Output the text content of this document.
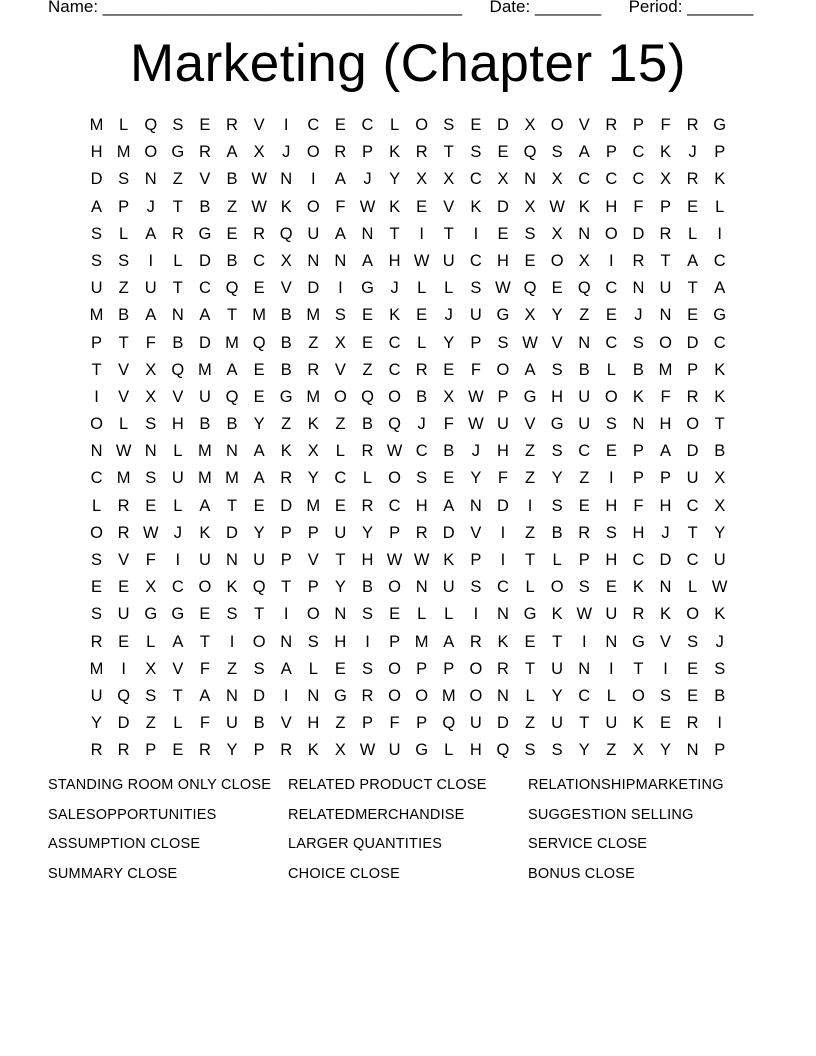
Name: ______________________________________ Date: _______ Period: _______
Marketing (Chapter 15)
M L Q S E R V	I	C E C	L O S E D X O V R P	F R G
H M O G R A X	J	O R P K R T	S E Q S A P C K	J	P
D S N Z	V B W N	I	A	J	Y X X C X N X C C C X R K
A P	J	T	B	Z W K O F W K E V K D X W K H F	P E	L
S	L	A R G E R Q U A N T	I	T	I	E S X N O D R	L	I
S S	I	L	D B C X N N A H W U C H E O X	I	R T	A C
U Z U T C Q E V D	I	G	J	L	L	S W Q E Q C N U T	A
M B A N A	T M B M S E K E	J	U G X Y	Z	E	J	N E G
P	T	F	B D M Q B	Z	X E C	L	Y P S W V N C S O D C
T	V X Q M A E B R V	Z C R E	F O A S B	L	B M P K
I	V X V U Q E G M O Q O B X W P G H U O K	F R K
O L	S H B B Y	Z	K	Z	B Q	J	F W U V G U S N H O T
N W N	L M N A K X	L	R W C B	J	H Z	S C E P A D B
C M S U M M A R Y C	L O S E Y	F	Z	Y	Z	I	P P U X
L	R E	L	A	T	E D M E R C H A N D	I	S E H F H C X
O R W J	K D Y P P U Y P R D V	I	Z	B R S H	J	T	Y
S V	F	I	U N U P V	T H W W K P	I	T	L	P H C D C U
E E X C O K Q T	P Y B O N U S C	L O S E K N	L W
S U G G E S	T	I	O N S E	L	L	I	N G K W U R K O K
R E	L	A	T	I	O N S H	I	P M A R K E	T	I	N G V S	J
M	I	X V	F	Z	S A	L	E S O P P O R T U N	I	T	I	E S
U Q S	T	A N D	I	N G R O O M O N	L	Y C	L O S E B
Y D Z	L	F U B V H Z	P	F	P Q U D Z U T U K E R	I
R R P E R Y P R K X W U G L	H Q S S Y	Z	X Y N P
STANDING ROOM ONLY CLOSE	RELATED PRODUCT CLOSE	RELATIONSHIPMARKETING
SALESOPPORTUNITIES	RELATEDMERCHANDISE	SUGGESTION SELLING
ASSUMPTION CLOSE	LARGER QUANTITIES	SERVICE CLOSE
SUMMARY CLOSE	CHOICE CLOSE	BONUS CLOSE
